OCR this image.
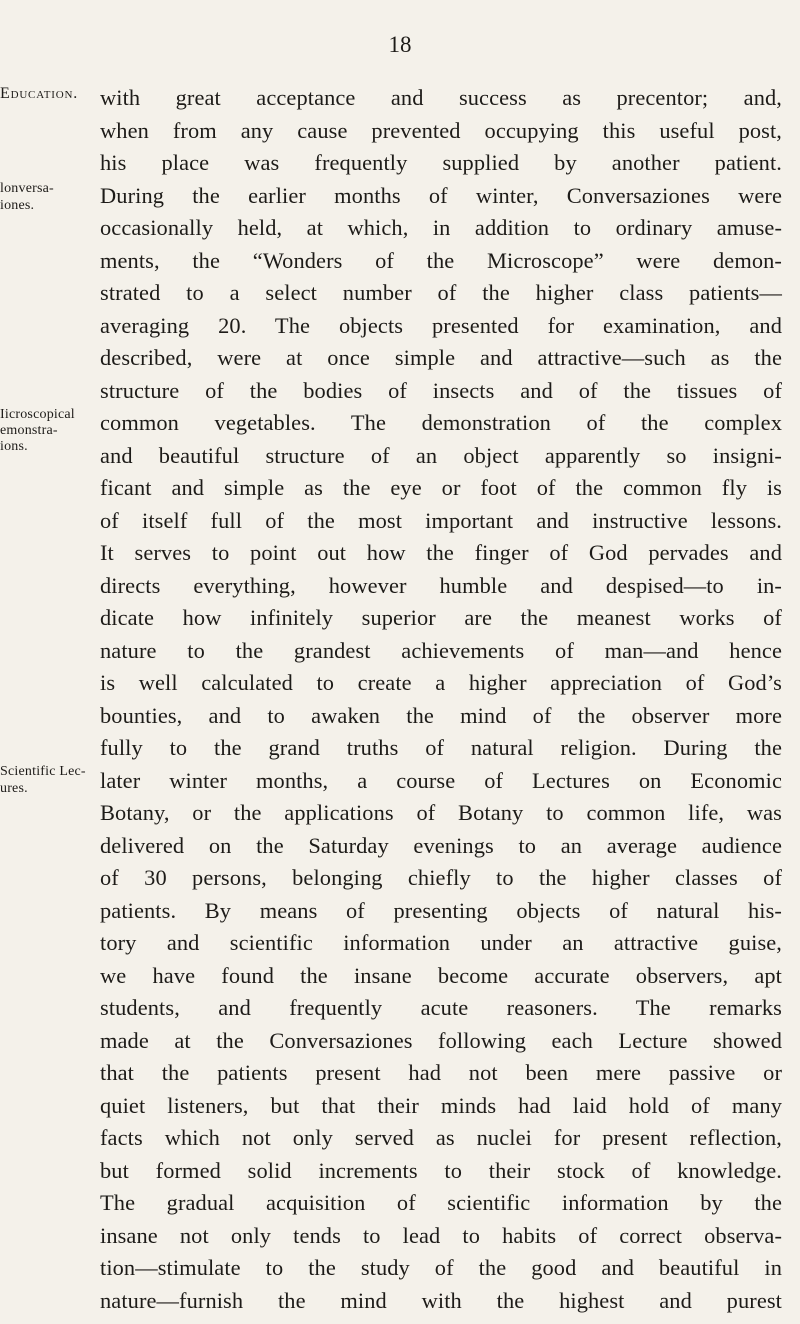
18
Education.
lonversa-
iones.
Iicroscopical
emonstra-
ions.
Scientific Lec-
ures.
with great acceptance and success as precentor; and,
when from any cause prevented occupying this useful post,
his place was frequently supplied by another patient.
During the earlier months of winter, Conversaziones were
occasionally held, at which, in addition to ordinary amuse-
ments, the “Wonders of the Microscope” were demon-
strated to a select number of the higher class patients—
averaging 20. The objects presented for examination, and
described, were at once simple and attractive—such as the
structure of the bodies of insects and of the tissues of
common vegetables. The demonstration of the complex
and beautiful structure of an object apparently so insigni-
ficant and simple as the eye or foot of the common fly is
of itself full of the most important and instructive lessons.
It serves to point out how the finger of God pervades and
directs everything, however humble and despised—to in-
dicate how infinitely superior are the meanest works of
nature to the grandest achievements of man—and hence
is well calculated to create a higher appreciation of God’s
bounties, and to awaken the mind of the observer more
fully to the grand truths of natural religion. During the
later winter months, a course of Lectures on Economic
Botany, or the applications of Botany to common life, was
delivered on the Saturday evenings to an average audience
of 30 persons, belonging chiefly to the higher classes of
patients. By means of presenting objects of natural his-
tory and scientific information under an attractive guise,
we have found the insane become accurate observers, apt
students, and frequently acute reasoners. The remarks
made at the Conversaziones following each Lecture showed
that the patients present had not been mere passive or
quiet listeners, but that their minds had laid hold of many
facts which not only served as nuclei for present reflection,
but formed solid increments to their stock of knowledge.
The gradual acquisition of scientific information by the
insane not only tends to lead to habits of correct observa-
tion—stimulate to the study of the good and beautiful in
nature—furnish the mind with the highest and purest
